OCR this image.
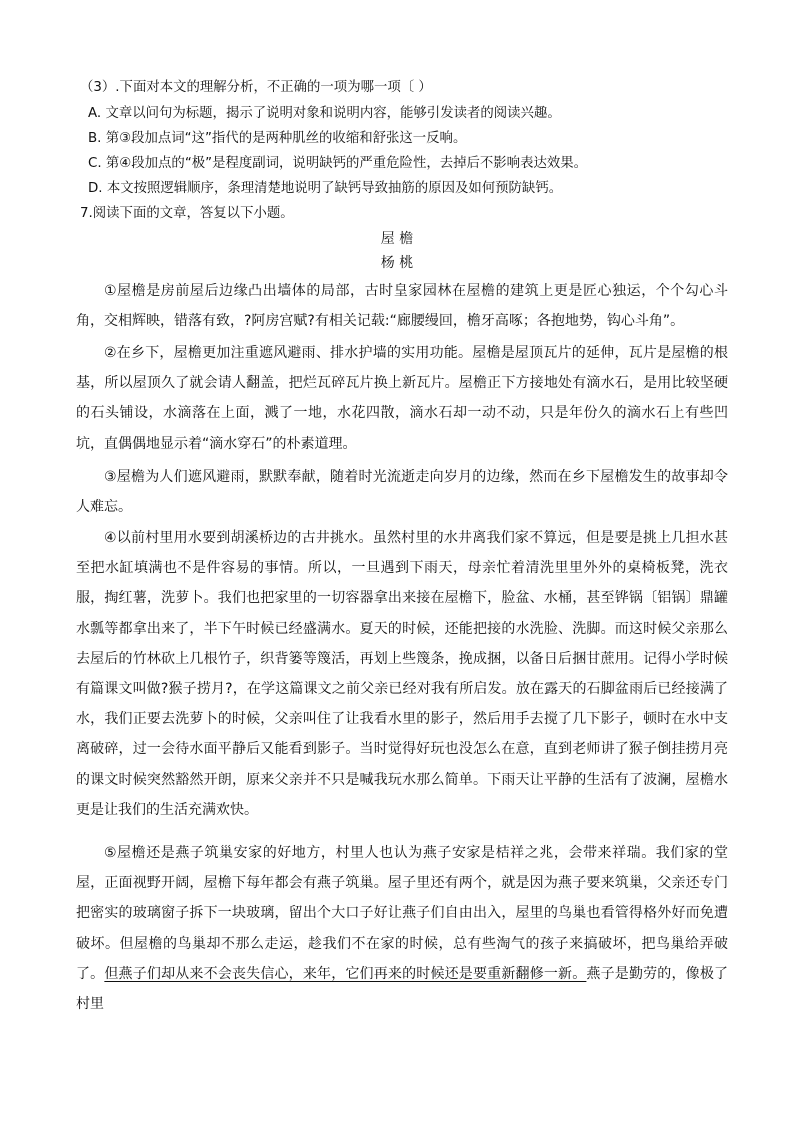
（3）.下面对本文的理解分析，不正确的一项为哪一项〔 ）
A. 文章以问句为标题，揭示了说明对象和说明内容，能够引发读者的阅读兴趣。
B. 第③段加点词“这”指代的是两种肌丝的收缩和舒张这一反响。
C. 第④段加点的“极”是程度副词，说明缺钙的严重危险性，去掉后不影响表达效果。
D. 本文按照逻辑顺序，条理清楚地说明了缺钙导致抽筋的原因及如何预防缺钙。
7.阅读下面的文章，答复以下小题。
屋 檐
杨 桃

①屋檐是房前屋后边缘凸出墙体的局部，古时皇家园林在屋檐的建筑上更是匠心独运，个个勾心斗角，交相辉映，错落有致，?阿房宫赋?有相关记载:“廊腰缦回，檐牙高啄；各抱地势，钩心斗角”。

②在乡下，屋檐更加注重遮风避雨、排水护墙的实用功能。屋檐是屋顶瓦片的延伸，瓦片是屋檐的根基，所以屋顶久了就会请人翻盖，把烂瓦碎瓦片换上新瓦片。屋檐正下方接地处有滴水石，是用比较坚硬的石头铺设，水滴落在上面，溅了一地，水花四散，滴水石却一动不动，只是年份久的滴水石上有些凹坑，直偶偶地显示着“滴水穿石”的朴素道理。

③屋檐为人们遮风避雨，默默奉献，随着时光流逝走向岁月的边缘，然而在乡下屋檐发生的故事却令人难忘。

④以前村里用水要到胡溪桥边的古井挑水。虽然村里的水井离我们家不算远，但是要是挑上几担水甚至把水缸填满也不是件容易的事情。所以，一旦遇到下雨天，母亲忙着清洗里里外外的桌椅板凳，洗衣服，掏红薯，洗萝卜。我们也把家里的一切容器拿出来接在屋檐下，脸盆、水桶，甚至铧锅〔铝锅〕鼎罐水瓢等都拿出来了，半下午时候已经盛满水。夏天的时候，还能把接的水洗脸、洗脚。而这时候父亲那么去屋后的竹林砍上几根竹子，织背篓等篾活，再划上些篾条，挽成捆，以备日后捆甘蔗用。记得小学时候有篇课文叫做?猴子捞月?，在学这篇课文之前父亲已经对我有所启发。放在露天的石脚盆雨后已经接满了水，我们正要去洗萝卜的时候，父亲叫住了让我看水里的影子，然后用手去搅了几下影子，顿时在水中支离破碎，过一会待水面平静后又能看到影子。当时觉得好玩也没怎么在意，直到老师讲了猴子倒挂捞月亮的课文时候突然豁然开朗，原来父亲并不只是喊我玩水那么简单。下雨天让平静的生活有了波澜，屋檐水更是让我们的生活充满欢快。

⑤屋檐还是燕子筑巢安家的好地方，村里人也认为燕子安家是桔祥之兆，会带来祥瑞。我们家的堂屋，正面视野开阔，屋檐下每年都会有燕子筑巢。屋子里还有两个，就是因为燕子要来筑巢，父亲还专门把密实的玻璃窗子拆下一块玻璃，留出个大口子好让燕子们自由出入，屋里的鸟巢也看管得格外好而免遭破坏。但屋檐的鸟巢却不那么走运，趁我们不在家的时候，总有些淘气的孩子来搞破坏，把鸟巢给弄破了。但燕子们却从来不会丧失信心，来年，它们再来的时候还是要重新翻修一新。燕子是勤劳的，像极了村里
